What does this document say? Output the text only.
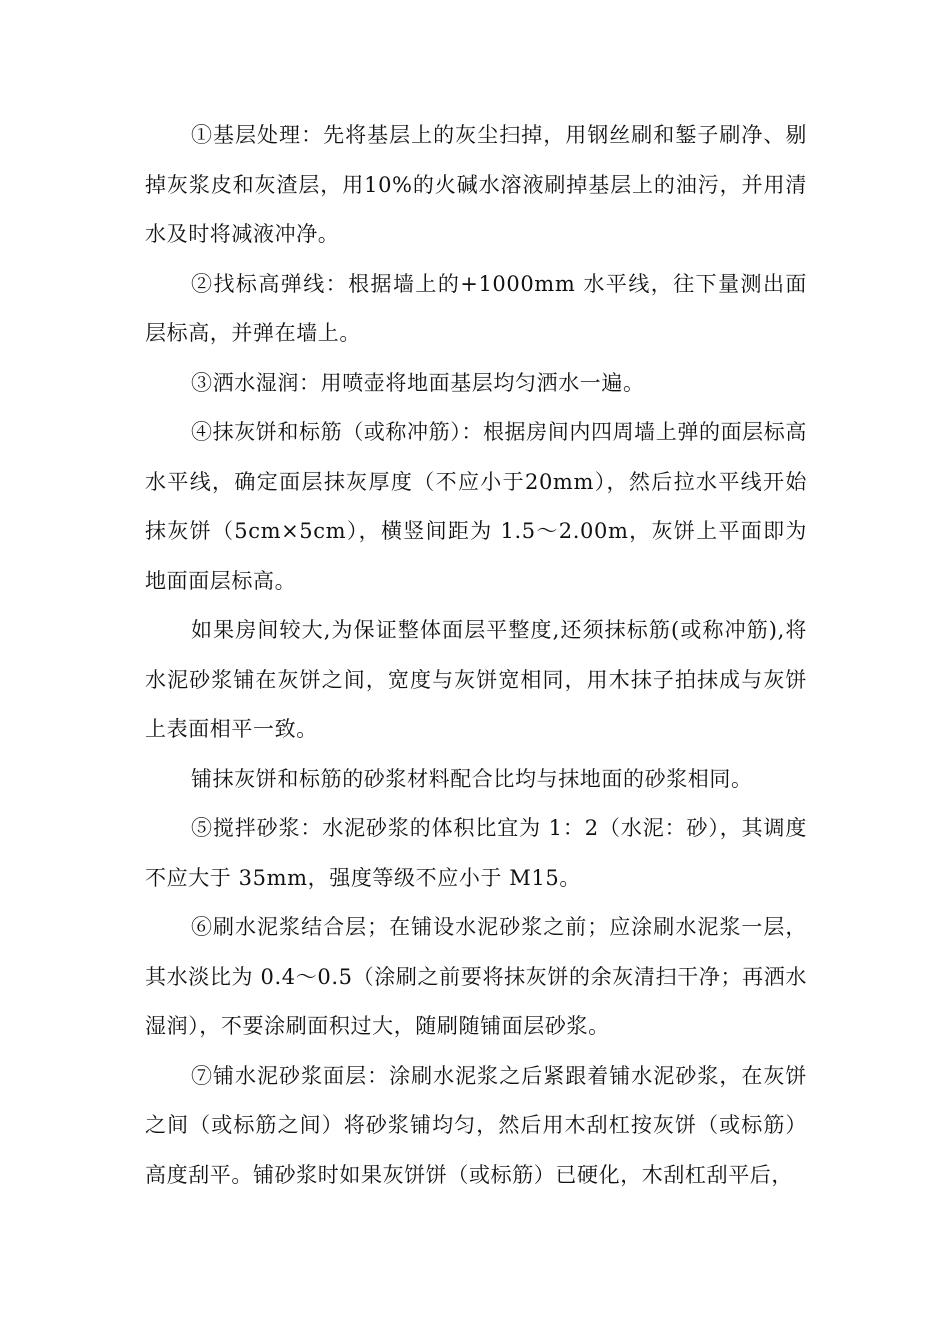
①基层处理：先将基层上的灰尘扫掉，用钢丝刷和錾子刷净、剔掉灰浆皮和灰渣层，用10%的火碱水溶液刷掉基层上的油污，并用清水及时将减液冲净。

②找标高弹线：根据墙上的+1000mm 水平线，往下量测出面层标高，并弹在墙上。

③洒水湿润：用喷壶将地面基层均匀洒水一遍。

④抹灰饼和标筋（或称冲筋）：根据房间内四周墙上弹的面层标高水平线，确定面层抹灰厚度（不应小于20mm），然后拉水平线开始抹灰饼（5cm×5cm），横竖间距为 1.5～2.00m，灰饼上平面即为地面面层标高。

如果房间较大,为保证整体面层平整度,还须抹标筋(或称冲筋),将水泥砂浆铺在灰饼之间，宽度与灰饼宽相同，用木抹子拍抹成与灰饼上表面相平一致。

铺抹灰饼和标筋的砂浆材料配合比均与抹地面的砂浆相同。

⑤搅拌砂浆：水泥砂浆的体积比宜为 1：2（水泥：砂），其调度不应大于 35mm，强度等级不应小于 M15。

⑥刷水泥浆结合层；在铺设水泥砂浆之前；应涂刷水泥浆一层，其水淡比为 0.4～0.5（涂刷之前要将抹灰饼的余灰清扫干净；再洒水湿润），不要涂刷面积过大，随刷随铺面层砂浆。

⑦铺水泥砂浆面层：涂刷水泥浆之后紧跟着铺水泥砂浆，在灰饼之间（或标筋之间）将砂浆铺均匀，然后用木刮杠按灰饼（或标筋）高度刮平。铺砂浆时如果灰饼饼（或标筋）已硬化，木刮杠刮平后，
